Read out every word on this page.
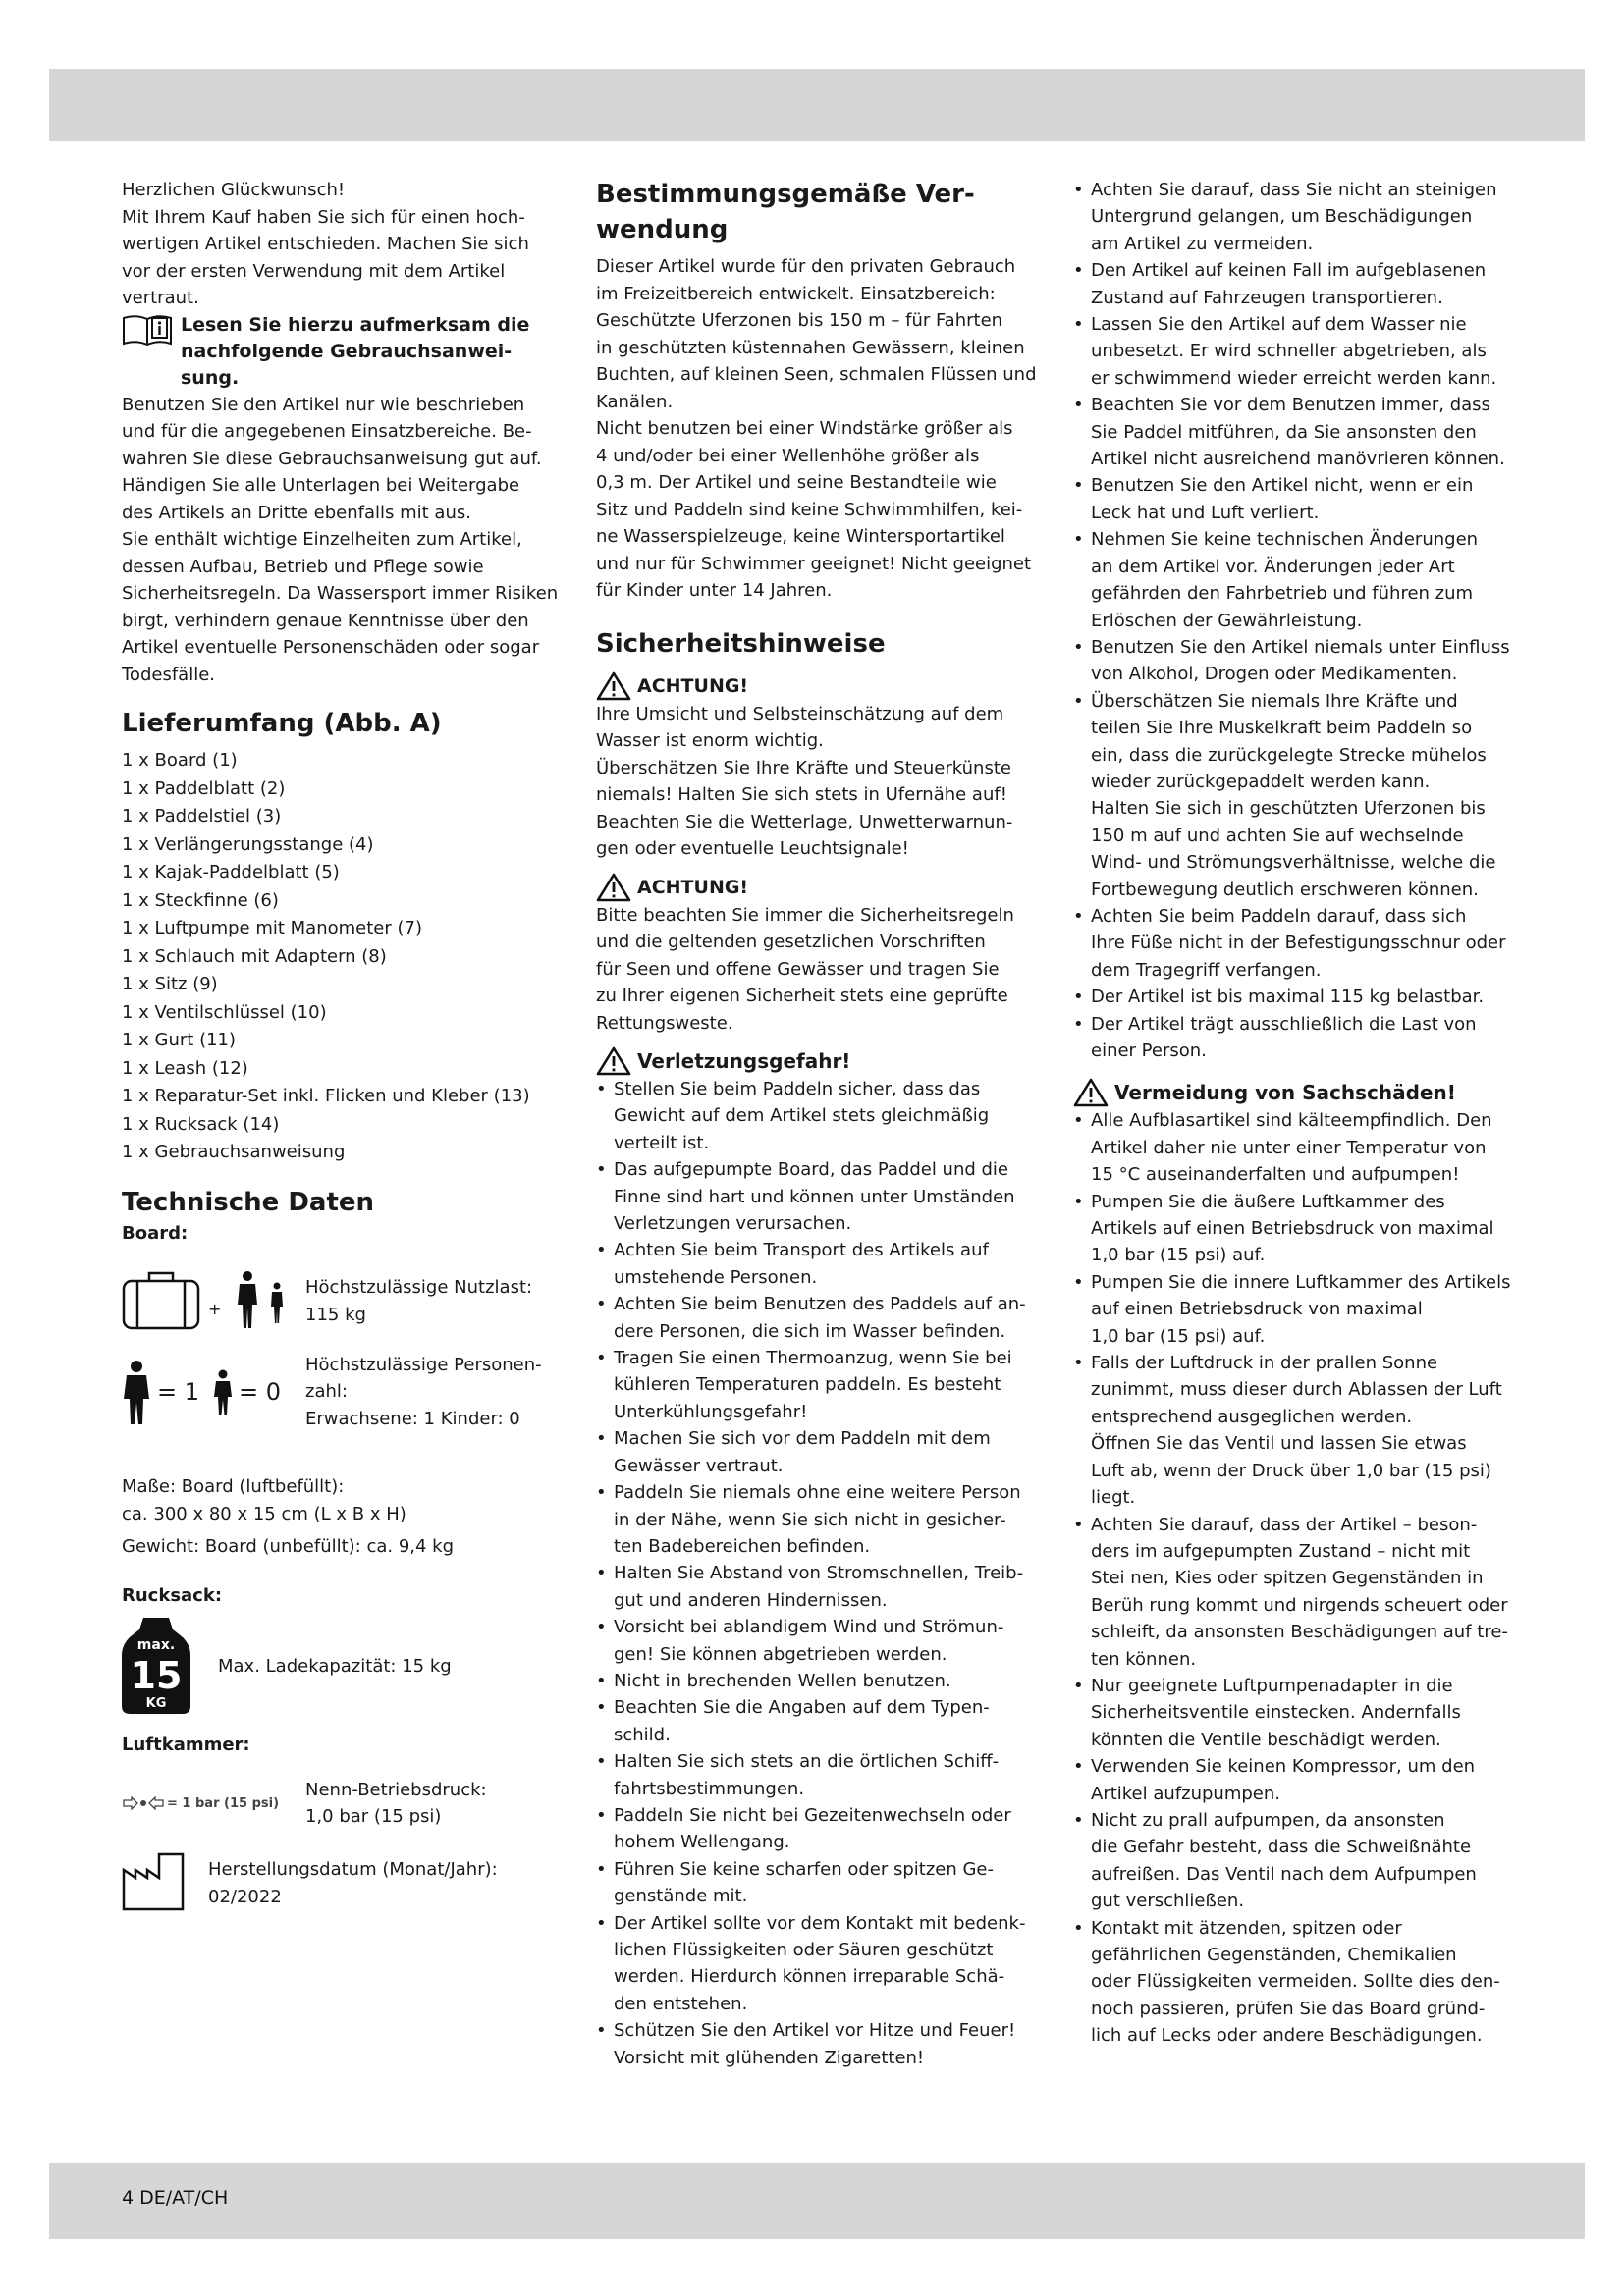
Herzlichen Glückwunsch!

Mit Ihrem Kauf haben Sie sich für einen hoch-

wertigen Artikel entschieden. Machen Sie sich

vor der ersten Verwendung mit dem Artikel

vertraut.

Lesen Sie hierzu aufmerksam die
nachfolgende Gebrauchsanwei-
sung.

Benutzen Sie den Artikel nur wie beschrieben

und für die angegebenen Einsatzbereiche. Be-

wahren Sie diese Gebrauchsanweisung gut auf.

Händigen Sie alle Unterlagen bei Weitergabe

des Artikels an Dritte ebenfalls mit aus.

Sie enthält wichtige Einzelheiten zum Artikel,

dessen Aufbau, Betrieb und Pflege sowie

Sicherheitsregeln. Da Wassersport immer Risiken

birgt, verhindern genaue Kenntnisse über den

Artikel eventuelle Personenschäden oder sogar

Todesfälle.

Lieferumfang (Abb. A)
1 x Board (1)
1 x Paddelblatt (2)
1 x Paddelstiel (3)
1 x Verlängerungsstange (4)
1 x Kajak-Paddelblatt (5)
1 x Steckfinne (6)
1 x Luftpumpe mit Manometer (7)
1 x Schlauch mit Adaptern (8)
1 x Sitz (9)
1 x Ventilschlüssel (10)
1 x Gurt (11)
1 x Leash (12)
1 x Reparatur-Set inkl. Flicken und Kleber (13)
1 x Rucksack (14)
1 x Gebrauchsanweisung
Technische Daten
Board:
+

Höchstzulässige Nutzlast:

115 kg

= 1 = 0

Höchstzulässige Personen-

zahl:

Erwachsene: 1 Kinder: 0

Maße: Board (luftbefüllt):

ca. 300 x 80 x 15 cm (L x B x H)

Gewicht: Board (unbefüllt): ca. 9,4 kg

Rucksack:
max.
15
KG

Max. Ladekapazität: 15 kg

Luftkammer:
= 1 bar (15 psi)

Nenn-Betriebsdruck:

1,0 bar (15 psi)

Herstellungsdatum (Monat/Jahr):

02/2022

Bestimmungsgemäße Ver-
wendung

Dieser Artikel wurde für den privaten Gebrauch

im Freizeitbereich entwickelt. Einsatzbereich:

Geschützte Uferzonen bis 150 m – für Fahrten

in geschützten küstennahen Gewässern, kleinen

Buchten, auf kleinen Seen, schmalen Flüssen und

Kanälen.

Nicht benutzen bei einer Windstärke größer als

4 und/oder bei einer Wellenhöhe größer als

0,3 m. Der Artikel und seine Bestandteile wie

Sitz und Paddeln sind keine Schwimmhilfen, kei-

ne Wasserspielzeuge, keine Wintersportartikel

und nur für Schwimmer geeignet! Nicht geeignet

für Kinder unter 14 Jahren.

Sicherheitshinweise
ACHTUNG!

Ihre Umsicht und Selbsteinschätzung auf dem

Wasser ist enorm wichtig.

Überschätzen Sie Ihre Kräfte und Steuerkünste

niemals! Halten Sie sich stets in Ufernähe auf!

Beachten Sie die Wetterlage, Unwetterwarnun-

gen oder eventuelle Leuchtsignale!

ACHTUNG!

Bitte beachten Sie immer die Sicherheitsregeln

und die geltenden gesetzlichen Vorschriften

für Seen und offene Gewässer und tragen Sie

zu Ihrer eigenen Sicherheit stets eine geprüfte

Rettungsweste.

Verletzungsgefahr!
• Stellen Sie beim Paddeln sicher, dass das
Gewicht auf dem Artikel stets gleichmäßig
verteilt ist.
• Das aufgepumpte Board, das Paddel und die
Finne sind hart und können unter Umständen
Verletzungen verursachen.
• Achten Sie beim Transport des Artikels auf
umstehende Personen.
• Achten Sie beim Benutzen des Paddels auf an-
dere Personen, die sich im Wasser befinden.
• Tragen Sie einen Thermoanzug, wenn Sie bei
kühleren Temperaturen paddeln. Es besteht
Unterkühlungsgefahr!
• Machen Sie sich vor dem Paddeln mit dem
Gewässer vertraut.
• Paddeln Sie niemals ohne eine weitere Person
in der Nähe, wenn Sie sich nicht in gesicher-
ten Badebereichen befinden.
• Halten Sie Abstand von Stromschnellen, Treib-
gut und anderen Hindernissen.
• Vorsicht bei ablandigem Wind und Strömun-
gen! Sie können abgetrieben werden.
• Nicht in brechenden Wellen benutzen.
• Beachten Sie die Angaben auf dem Typen-
schild.
• Halten Sie sich stets an die örtlichen Schiff-
fahrtsbestimmungen.
• Paddeln Sie nicht bei Gezeitenwechseln oder
hohem Wellengang.
• Führen Sie keine scharfen oder spitzen Ge-
genstände mit.
• Der Artikel sollte vor dem Kontakt mit bedenk-
lichen Flüssigkeiten oder Säuren geschützt
werden. Hierdurch können irreparable Schä-
den entstehen.
• Schützen Sie den Artikel vor Hitze und Feuer!
Vorsicht mit glühenden Zigaretten!
• Achten Sie darauf, dass Sie nicht an steinigen
Untergrund gelangen, um Beschädigungen
am Artikel zu vermeiden.
• Den Artikel auf keinen Fall im aufgeblasenen
Zustand auf Fahrzeugen transportieren.
• Lassen Sie den Artikel auf dem Wasser nie
unbesetzt. Er wird schneller abgetrieben, als
er schwimmend wieder erreicht werden kann.
• Beachten Sie vor dem Benutzen immer, dass
Sie Paddel mitführen, da Sie ansonsten den
Artikel nicht ausreichend manövrieren können.
• Benutzen Sie den Artikel nicht, wenn er ein
Leck hat und Luft verliert.
• Nehmen Sie keine technischen Änderungen
an dem Artikel vor. Änderungen jeder Art
gefährden den Fahrbetrieb und führen zum
Erlöschen der Gewährleistung.
• Benutzen Sie den Artikel niemals unter Einfluss
von Alkohol, Drogen oder Medikamenten.
• Überschätzen Sie niemals Ihre Kräfte und
teilen Sie Ihre Muskelkraft beim Paddeln so
ein, dass die zurückgelegte Strecke mühelos
wieder zurückgepaddelt werden kann.
Halten Sie sich in geschützten Uferzonen bis
150 m auf und achten Sie auf wechselnde
Wind- und Strömungsverhältnisse, welche die
Fortbewegung deutlich erschweren können.
• Achten Sie beim Paddeln darauf, dass sich
Ihre Füße nicht in der Befestigungsschnur oder
dem Tragegriff verfangen.
• Der Artikel ist bis maximal 115 kg belastbar.
• Der Artikel trägt ausschließlich die Last von
einer Person.
Vermeidung von Sachschäden!
• Alle Aufblasartikel sind kälteempfindlich. Den
Artikel daher nie unter einer Temperatur von
15 °C auseinanderfalten und aufpumpen!
• Pumpen Sie die äußere Luftkammer des
Artikels auf einen Betriebsdruck von maximal
1,0 bar (15 psi) auf.
• Pumpen Sie die innere Luftkammer des Artikels
auf einen Betriebsdruck von maximal
1,0 bar (15 psi) auf.
• Falls der Luftdruck in der prallen Sonne
zunimmt, muss dieser durch Ablassen der Luft
entsprechend ausgeglichen werden.
Öffnen Sie das Ventil und lassen Sie etwas
Luft ab, wenn der Druck über 1,0 bar (15 psi)
liegt.
• Achten Sie darauf, dass der Artikel – beson-
ders im aufgepumpten Zustand – nicht mit
Stei nen, Kies oder spitzen Gegenständen in
Berüh rung kommt und nirgends scheuert oder
schleift, da ansonsten Beschädigungen auf tre-
ten können.
• Nur geeignete Luftpumpenadapter in die
Sicherheitsventile einstecken. Andernfalls
könnten die Ventile beschädigt werden.
• Verwenden Sie keinen Kompressor, um den
Artikel aufzupumpen.
• Nicht zu prall aufpumpen, da ansonsten
die Gefahr besteht, dass die Schweißnähte
aufreißen. Das Ventil nach dem Aufpumpen
gut verschließen.
• Kontakt mit ätzenden, spitzen oder
gefährlichen Gegenständen, Chemikalien
oder Flüssigkeiten vermeiden. Sollte dies den-
noch passieren, prüfen Sie das Board gründ-
lich auf Lecks oder andere Beschädigungen.
4 DE/AT/CH
